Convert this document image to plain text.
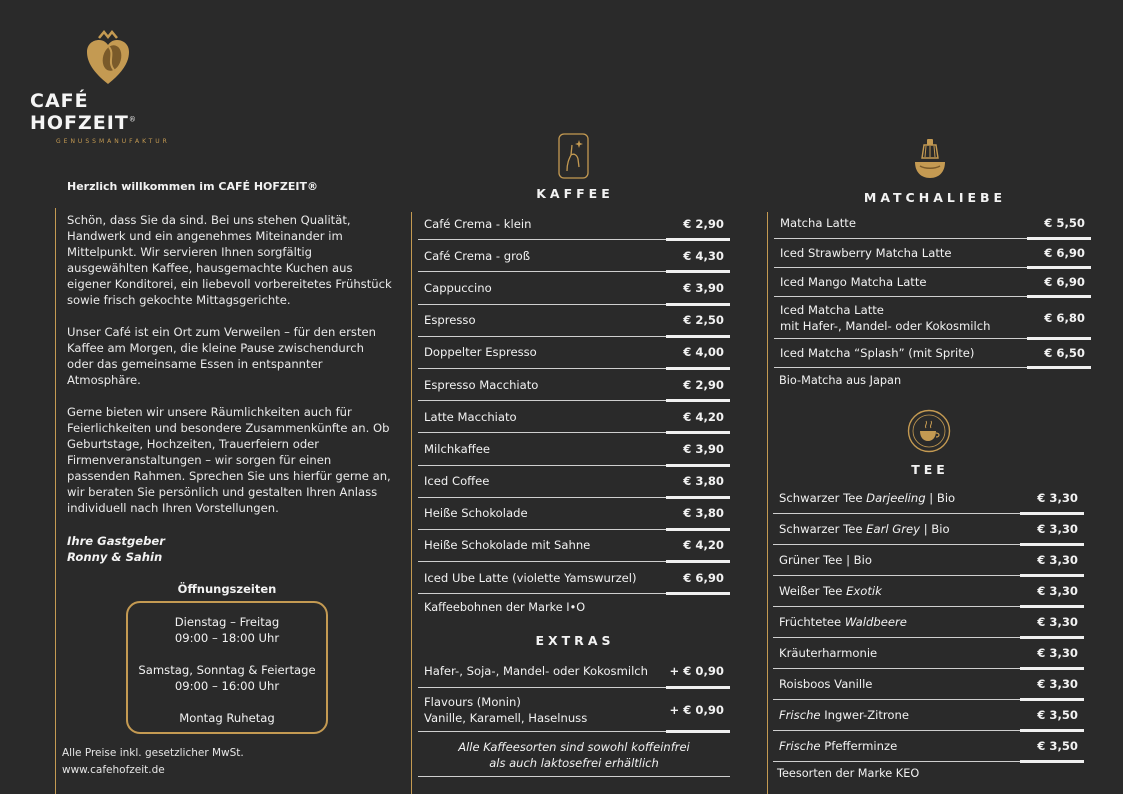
CAFÉ HOFZEIT®
GENUSSMANUFAKTUR
Herzlich willkommen im CAFÉ HOFZEIT®

Schön, dass Sie da sind. Bei uns stehen Qualität, Handwerk und ein angenehmes Miteinander im Mittelpunkt. Wir servieren Ihnen sorgfältig ausgewählten Kaffee, hausgemachte Kuchen aus eigener Konditorei, ein liebevoll vorbereitetes Frühstück sowie frisch gekochte Mittagsgerichte.

Unser Café ist ein Ort zum Verweilen – für den ersten Kaffee am Morgen, die kleine Pause zwischendurch oder das gemeinsame Essen in entspannter Atmosphäre.

Gerne bieten wir unsere Räumlichkeiten auch für Feierlichkeiten und besondere Zusammenkünfte an. Ob Geburtstage, Hochzeiten, Trauerfeiern oder Firmenveranstaltungen – wir sorgen für einen passenden Rahmen. Sprechen Sie uns hierfür gerne an, wir beraten Sie persönlich und gestalten Ihren Anlass individuell nach Ihren Vorstellungen.

Ihre Gastgeber
Ronny & Sahin
Öffnungszeiten
Dienstag – Freitag
09:00 – 18:00 Uhr
Samstag, Sonntag & Feiertage
09:00 – 16:00 Uhr
Montag Ruhetag
Alle Preise inkl. gesetzlicher MwSt.
www.cafehofzeit.de
KAFFEE
Café Crema - klein	€ 2,90
Café Crema - groß	€ 4,30
Cappuccino	€ 3,90
Espresso	€ 2,50
Doppelter Espresso	€ 4,00
Espresso Macchiato	€ 2,90
Latte Macchiato	€ 4,20
Milchkaffee	€ 3,90
Iced Coffee	€ 3,80
Heiße Schokolade	€ 3,80
Heiße Schokolade mit Sahne	€ 4,20
Iced Ube Latte (violette Yamswurzel)	€ 6,90
Kaffeebohnen der Marke I•O
EXTRAS
Hafer-, Soja-, Mandel- oder Kokosmilch + € 0,90
Flavours (Monin)
Vanille, Karamell, Haselnuss
+ € 0,90
Alle Kaffeesorten sind sowohl koffeinfrei
als auch laktosefrei erhältlich
MATCHALIEBE
Matcha Latte	€ 5,50
Iced Strawberry Matcha Latte	€ 6,90
Iced Mango Matcha Latte	€ 6,90
Iced Matcha Latte
mit Hafer-, Mandel- oder Kokosmilch
€ 6,80
Iced Matcha “Splash” (mit Sprite)	€ 6,50
Bio-Matcha aus Japan
TEE
Schwarzer Tee Darjeeling | Bio	€ 3,30
Schwarzer Tee Earl Grey | Bio	€ 3,30
Grüner Tee | Bio	€ 3,30
Weißer Tee Exotik	€ 3,30
Früchtetee Waldbeere	€ 3,30
Kräuterharmonie	€ 3,30
Roisboos Vanille	€ 3,30
Frische Ingwer-Zitrone	€ 3,50
Frische Pfefferminze	€ 3,50
Teesorten der Marke KEO
